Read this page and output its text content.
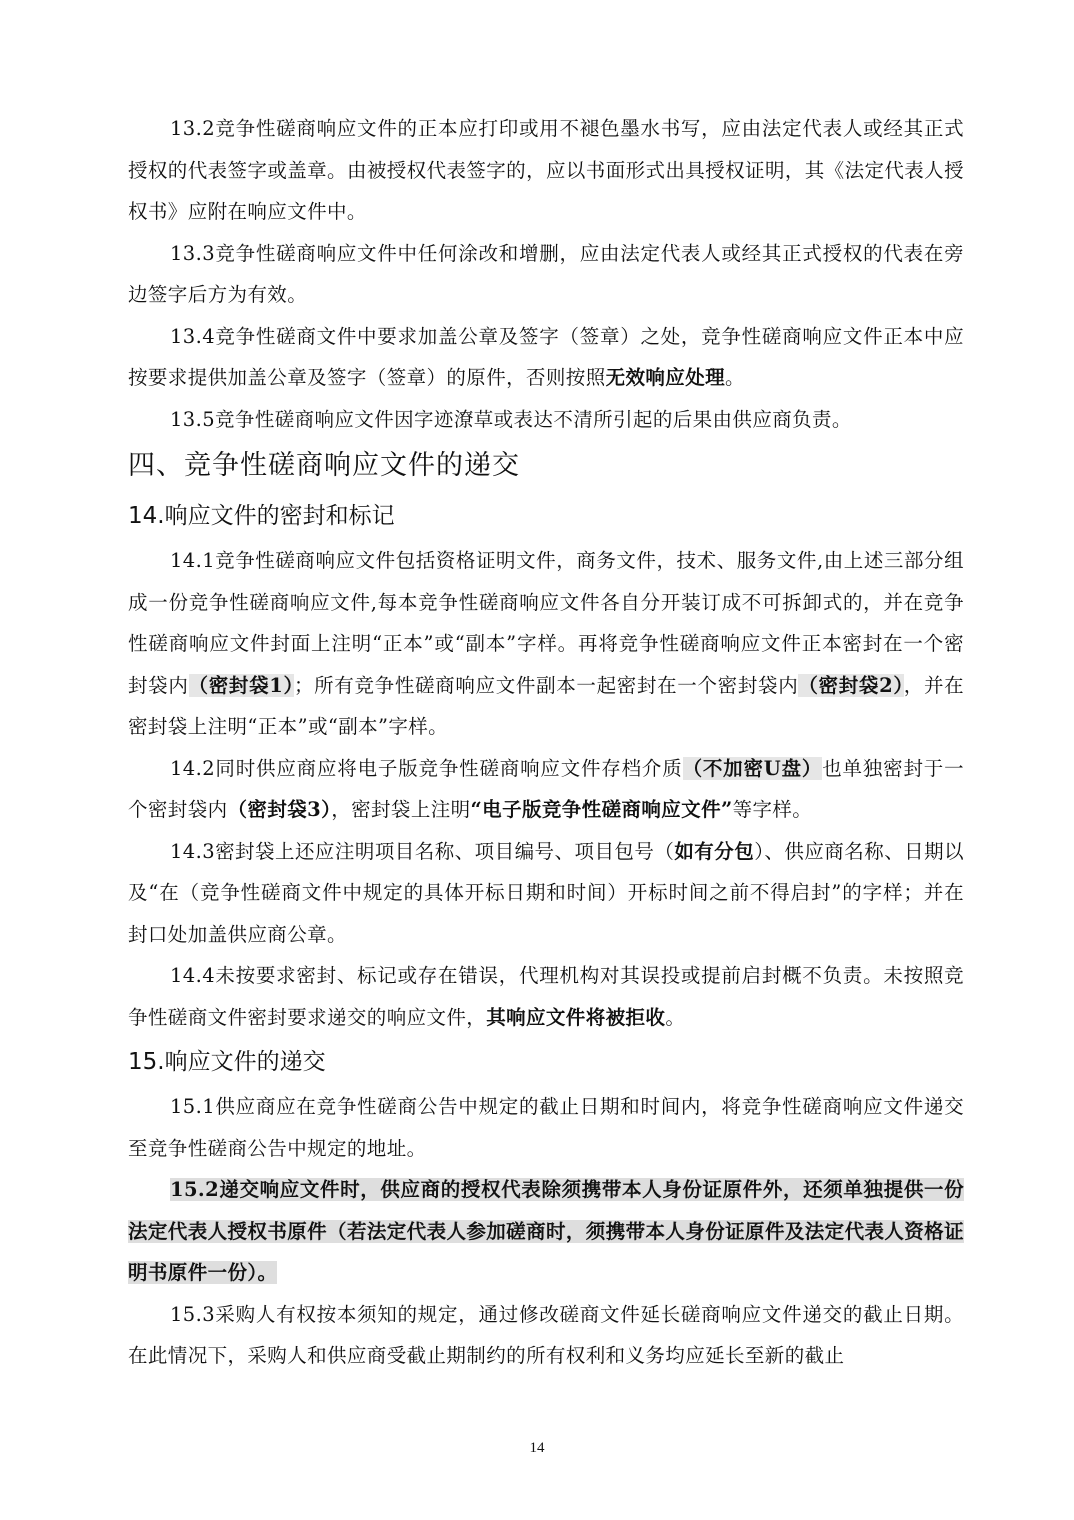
13.2竞争性磋商响应文件的正本应打印或用不褪色墨水书写，应由法定代表人或经其正式授权的代表签字或盖章。由被授权代表签字的，应以书面形式出具授权证明，其《法定代表人授权书》应附在响应文件中。

13.3竞争性磋商响应文件中任何涂改和增删，应由法定代表人或经其正式授权的代表在旁边签字后方为有效。

13.4竞争性磋商文件中要求加盖公章及签字（签章）之处，竞争性磋商响应文件正本中应按要求提供加盖公章及签字（签章）的原件，否则按照无效响应处理。

13.5竞争性磋商响应文件因字迹潦草或表达不清所引起的后果由供应商负责。

四、竞争性磋商响应文件的递交
14.响应文件的密封和标记

14.1竞争性磋商响应文件包括资格证明文件，商务文件，技术、服务文件,由上述三部分组成一份竞争性磋商响应文件,每本竞争性磋商响应文件各自分开装订成不可拆卸式的，并在竞争性磋商响应文件封面上注明“正本”或“副本”字样。再将竞争性磋商响应文件正本密封在一个密封袋内（密封袋1）；所有竞争性磋商响应文件副本一起密封在一个密封袋内（密封袋2），并在密封袋上注明“正本”或“副本”字样。

14.2同时供应商应将电子版竞争性磋商响应文件存档介质（不加密U盘）也单独密封于一个密封袋内（密封袋3），密封袋上注明“电子版竞争性磋商响应文件”等字样。

14.3密封袋上还应注明项目名称、项目编号、项目包号（如有分包）、供应商名称、日期以及“在（竞争性磋商文件中规定的具体开标日期和时间）开标时间之前不得启封”的字样；并在封口处加盖供应商公章。

14.4未按要求密封、标记或存在错误，代理机构对其误投或提前启封概不负责。未按照竞争性磋商文件密封要求递交的响应文件，其响应文件将被拒收。

15.响应文件的递交

15.1供应商应在竞争性磋商公告中规定的截止日期和时间内，将竞争性磋商响应文件递交至竞争性磋商公告中规定的地址。

15.2递交响应文件时，供应商的授权代表除须携带本人身份证原件外，还须单独提供一份法定代表人授权书原件（若法定代表人参加磋商时，须携带本人身份证原件及法定代表人资格证明书原件一份）。

15.3采购人有权按本须知的规定，通过修改磋商文件延长磋商响应文件递交的截止日期。在此情况下，采购人和供应商受截止期制约的所有权利和义务均应延长至新的截止

14
